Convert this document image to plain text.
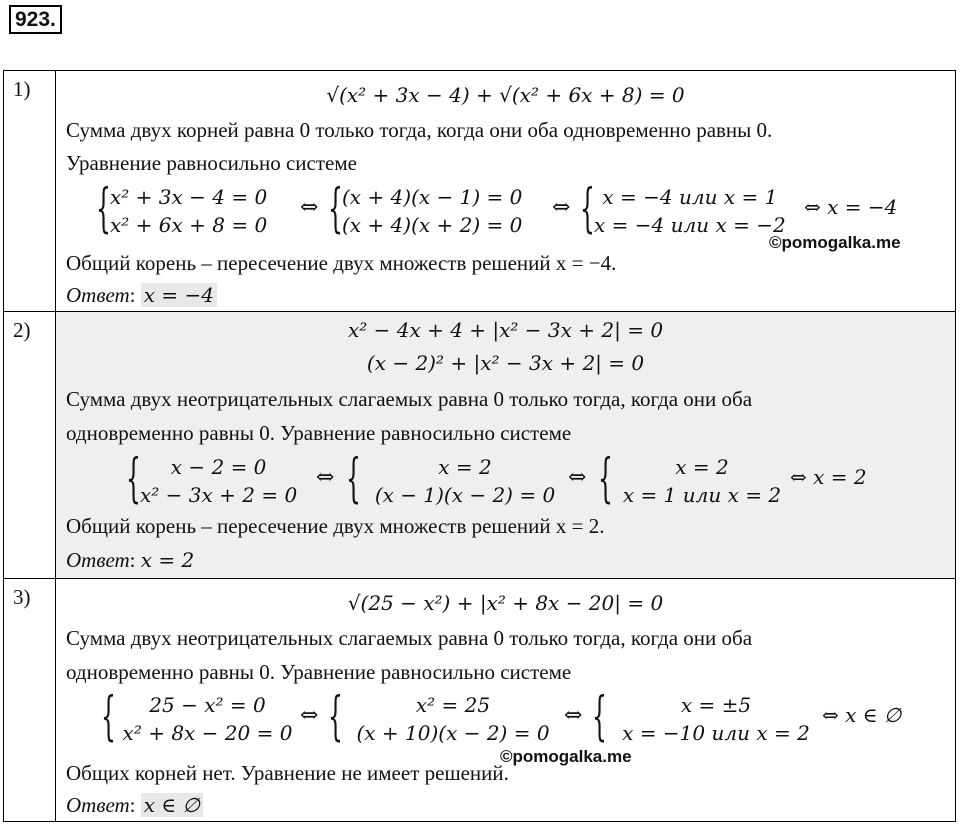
923.
1)	√(x² + 3x − 4) + √(x² + 6x + 8) = 0
Сумма двух корней равна 0 только тогда, когда они оба одновременно равны 0.
Уравнение равносильно системе
{ x² + 3x − 4 = 0
x² + 6x + 8 = 0
⇔ { (x + 4)(x − 1) = 0
(x + 4)(x + 2) = 0
⇔ { x = −4 или x = 1
x = −4 или x = −2
⇔ x = −4
©pomogalka.me
Общий корень – пересечение двух множеств решений x = −4.
Ответ: x = −4
2)	x² − 4x + 4 + |x² − 3x + 2| = 0
(x − 2)² + |x² − 3x + 2| = 0
Сумма двух неотрицательных слагаемых равна 0 только тогда, когда они оба
одновременно равны 0. Уравнение равносильно системе
{	x − 2 = 0
x² − 3x + 2 = 0
⇔ {	x = 2
(x − 1)(x − 2) = 0
⇔ {	x = 2
x = 1 или x = 2
⇔ x = 2
Общий корень – пересечение двух множеств решений x = 2.
Ответ: x = 2
3)	√(25 − x²) + |x² + 8x − 20| = 0
Сумма двух неотрицательных слагаемых равна 0 только тогда, когда они оба
одновременно равны 0. Уравнение равносильно системе
{	25 − x² = 0
x² + 8x − 20 = 0
⇔ {	x² = 25
(x + 10)(x − 2) = 0
⇔ {	x = ±5
x = −10 или x = 2
⇔ x ∈ ∅
©pomogalka.me
Общих корней нет. Уравнение не имеет решений.
Ответ: x ∈ ∅
